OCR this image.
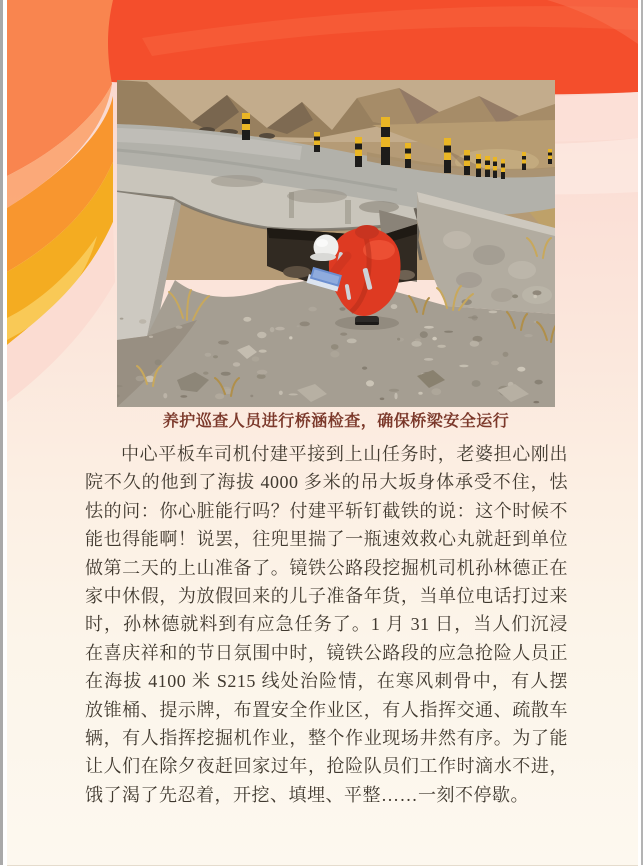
养护巡查人员进行桥涵检查，确保桥梁安全运行

中心平板车司机付建平接到上山任务时，老婆担心刚出院不久的他到了海拔 4000 多米的吊大坂身体承受不住，怯怯的问：你心脏能行吗？付建平斩钉截铁的说：这个时候不能也得能啊！说罢，往兜里揣了一瓶速效救心丸就赶到单位做第二天的上山准备了。镜铁公路段挖掘机司机孙林德正在家中休假，为放假回来的儿子准备年货，当单位电话打过来时，孙林德就料到有应急任务了。1 月 31 日，当人们沉浸在喜庆祥和的节日氛围中时，镜铁公路段的应急抢险人员正在海拔 4100 米 S215 线处治险情，在寒风刺骨中，有人摆放锥桶、提示牌，布置安全作业区，有人指挥交通、疏散车辆，有人指挥挖掘机作业，整个作业现场井然有序。为了能让人们在除夕夜赶回家过年，抢险队员们工作时滴水不进，饿了渴了先忍着，开挖、填埋、平整……一刻不停歇。
